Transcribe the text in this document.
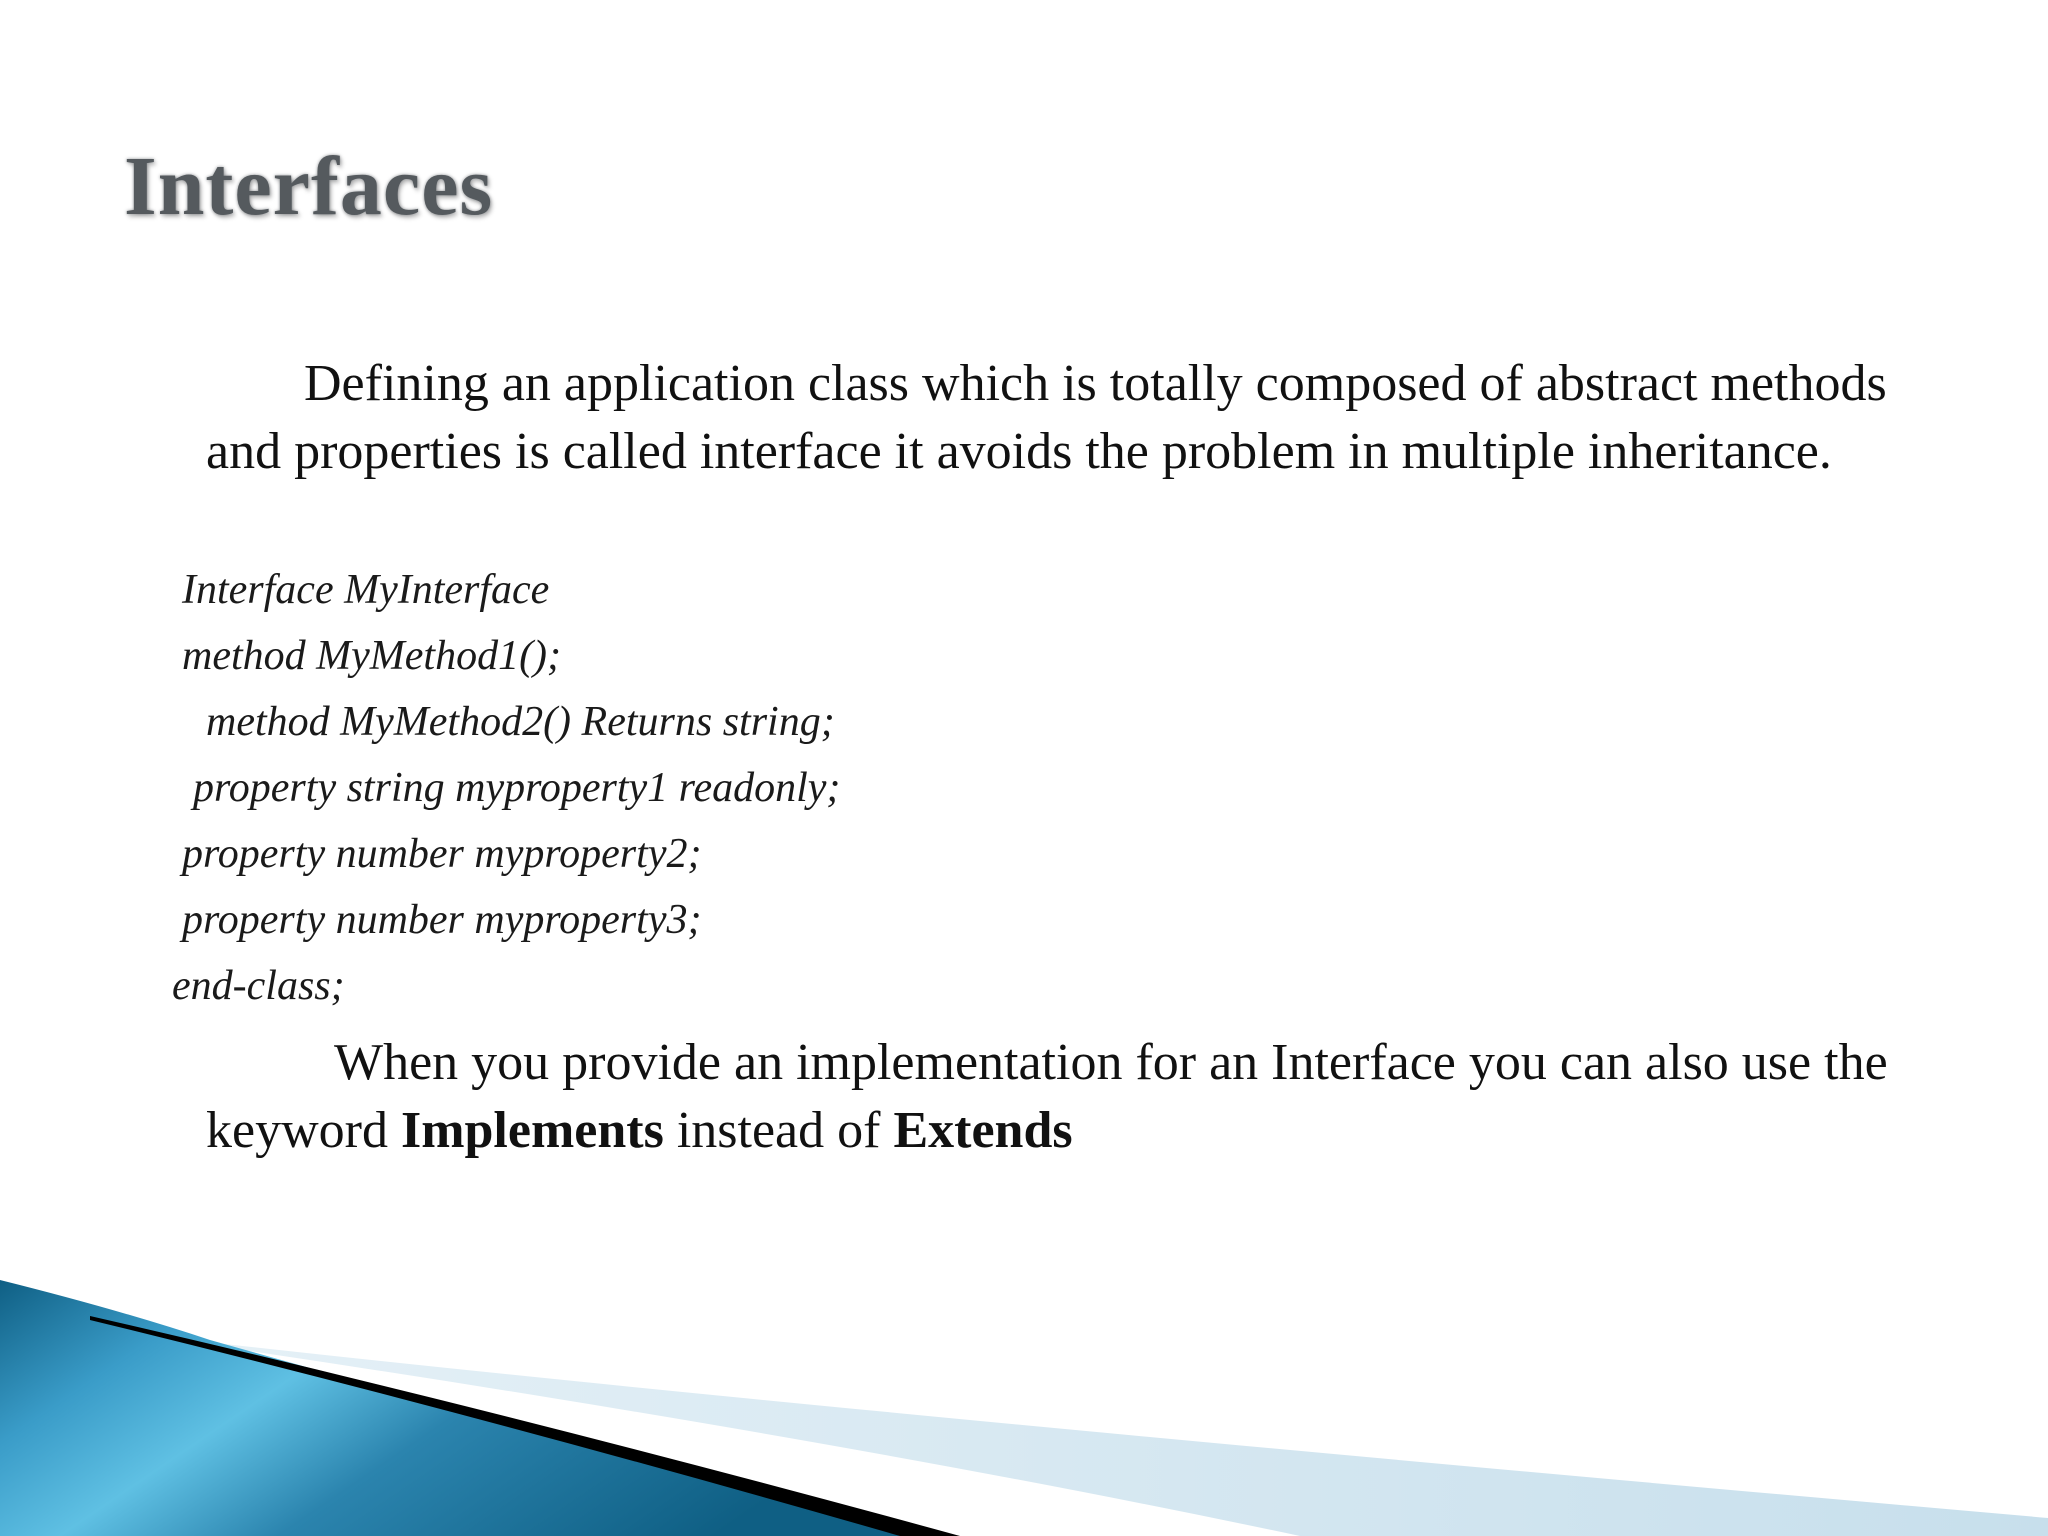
Interfaces

Defining an application class which is totally composed of abstract methods and properties is called interface it avoids the problem in multiple inheritance.

Interface MyInterface

method MyMethod1();

method MyMethod2() Returns string;

property string myproperty1 readonly;

property number myproperty2;

property number myproperty3;

end-class;

When you provide an implementation for an Interface you can also use the keyword Implements instead of Extends
